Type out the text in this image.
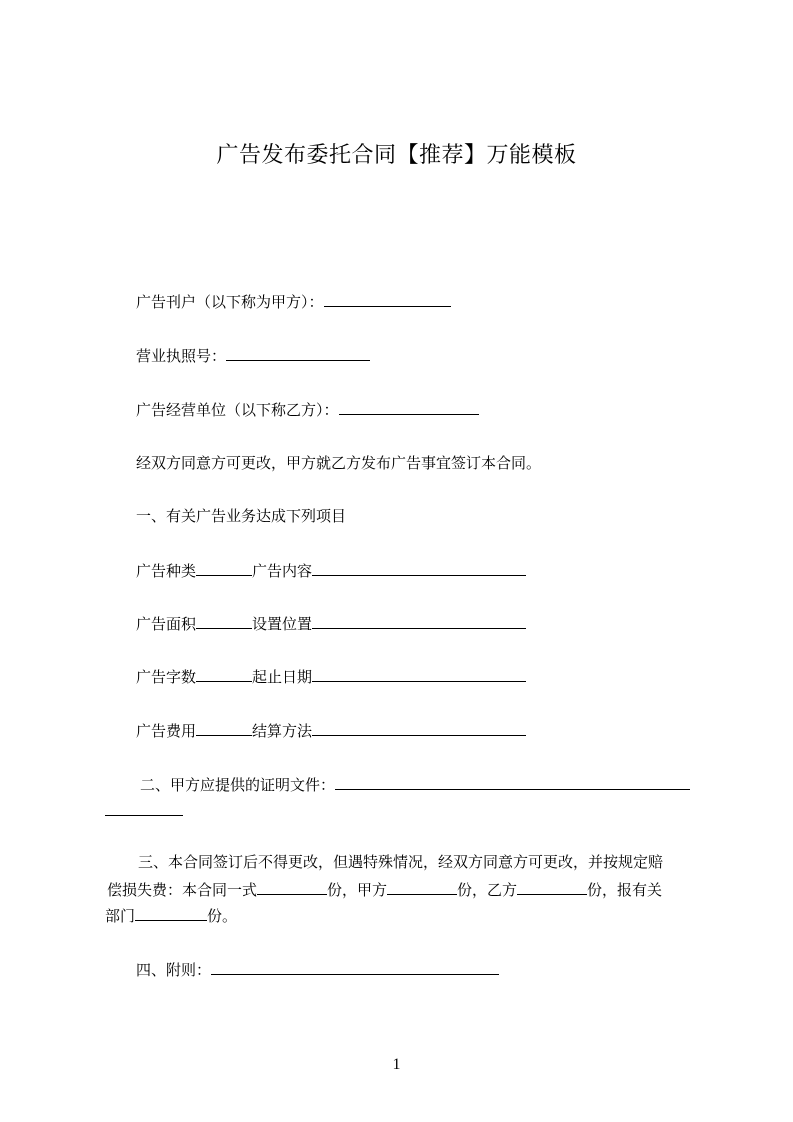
广告发布委托合同【推荐】万能模板
广告刊户（以下称为甲方）：
营业执照号：
广告经营单位（以下称乙方）：
经双方同意方可更改，甲方就乙方发布广告事宜签订本合同。
一、有关广告业务达成下列项目
广告种类	广告内容
广告面积	设置位置
广告字数	起止日期
广告费用	结算方法
二、甲方应提供的证明文件：
三、本合同签订后不得更改，但遇特殊情况，经双方同意方可更改，并按规定赔
偿损失费：本合同一式	份，甲方	份，乙方	份，报有关
部门	份。
四、附则：
1
